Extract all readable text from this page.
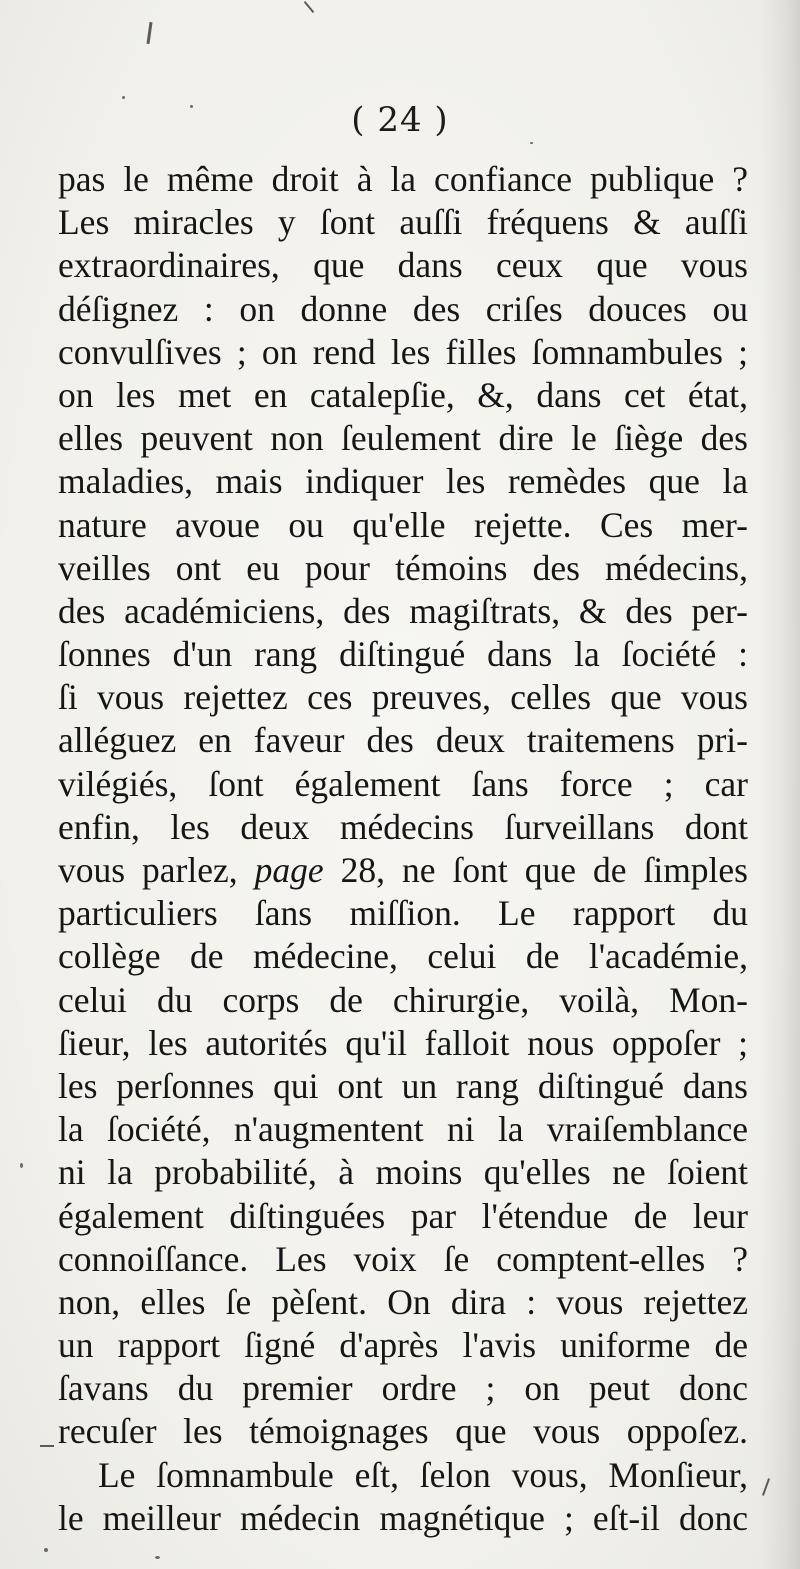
( 24 )
pas le même droit à la confiance publique ?
Les miracles y ſont auſſi fréquens & auſſi
extraordinaires, que dans ceux que vous
déſignez : on donne des criſes douces ou
convulſives ; on rend les filles ſomnambules ;
on les met en catalepſie, &, dans cet état,
elles peuvent non ſeulement dire le ſiège des
maladies, mais indiquer les remèdes que la
nature avoue ou qu'elle rejette. Ces mer-
veilles ont eu pour témoins des médecins,
des académiciens, des magiſtrats, & des per-
ſonnes d'un rang diſtingué dans la ſociété :
ſi vous rejettez ces preuves, celles que vous
alléguez en faveur des deux traitemens pri-
vilégiés, ſont également ſans force ; car
enfin, les deux médecins ſurveillans dont
vous parlez, page 28, ne ſont que de ſimples
particuliers ſans miſſion. Le rapport du
collège de médecine, celui de l'académie,
celui du corps de chirurgie, voilà, Mon-
ſieur, les autorités qu'il falloit nous oppoſer ;
les perſonnes qui ont un rang diſtingué dans
la ſociété, n'augmentent ni la vraiſemblance
ni la probabilité, à moins qu'elles ne ſoient
également diſtinguées par l'étendue de leur
connoiſſance. Les voix ſe comptent-elles ?
non, elles ſe pèſent. On dira : vous rejettez
un rapport ſigné d'après l'avis uniforme de
ſavans du premier ordre ; on peut donc
recuſer les témoignages que vous oppoſez.
Le ſomnambule eſt, ſelon vous, Monſieur,
le meilleur médecin magnétique ; eſt-il donc
